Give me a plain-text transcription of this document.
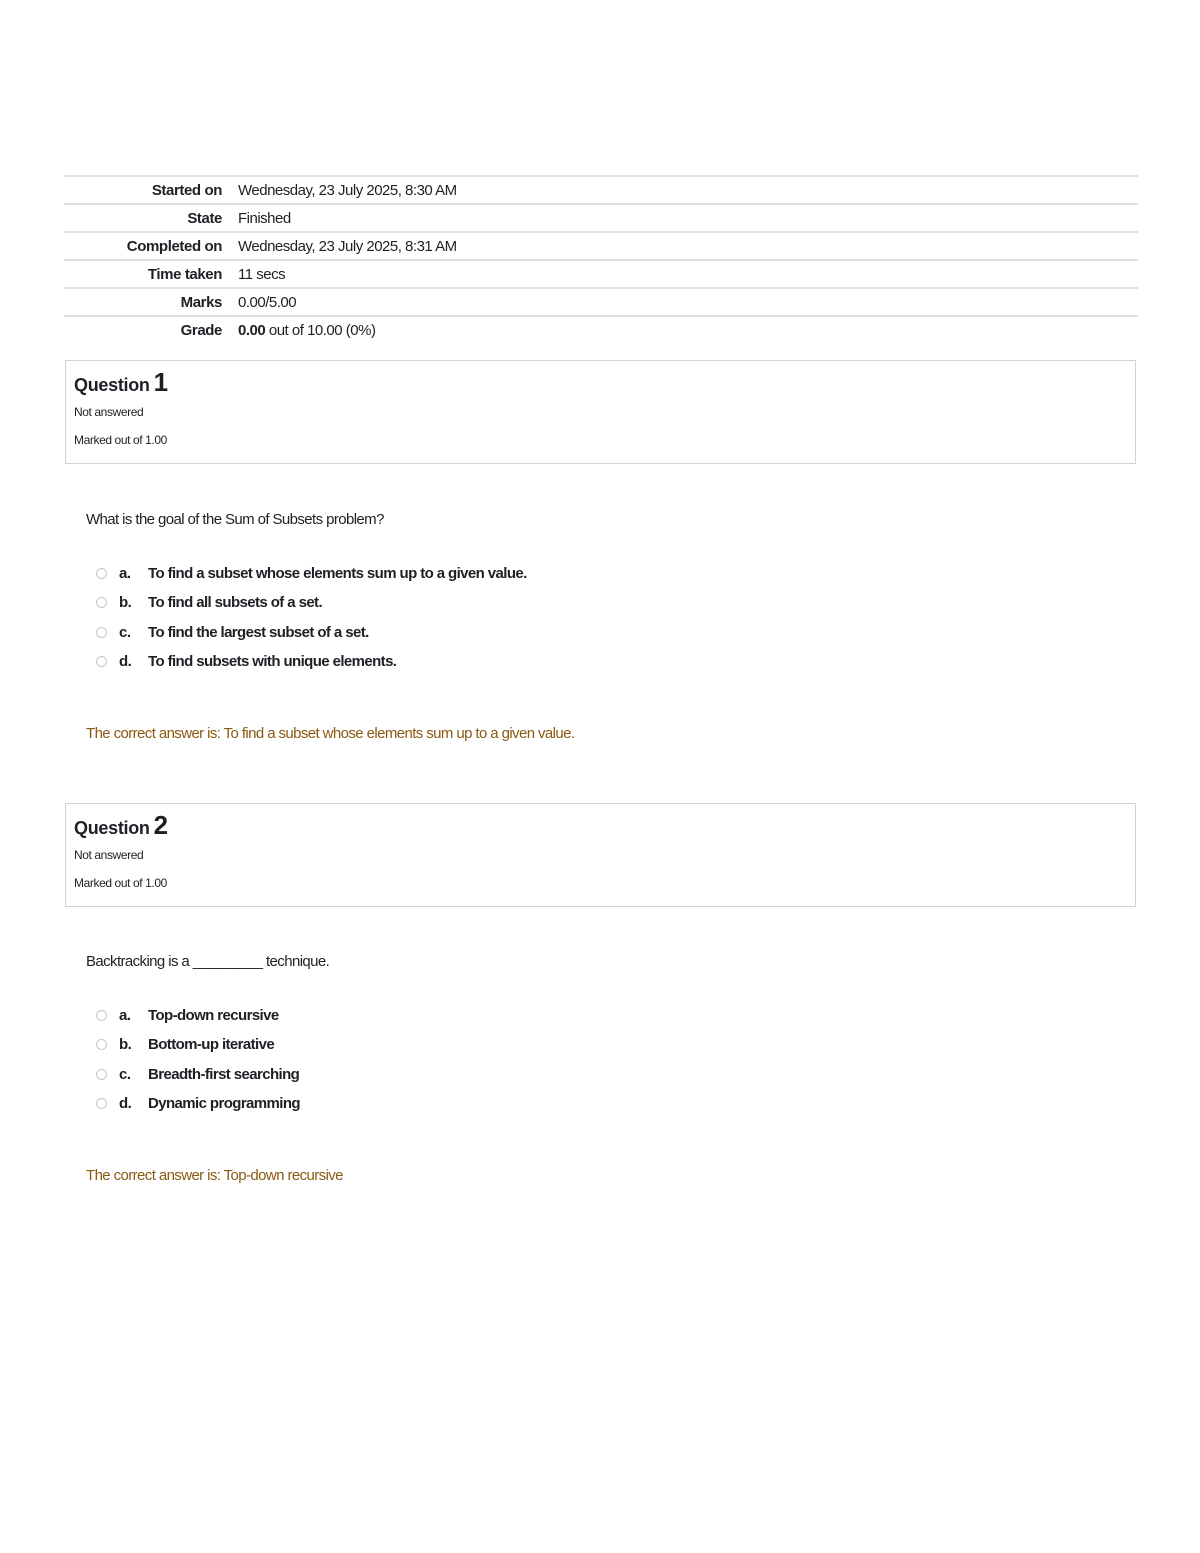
Started on	Wednesday, 23 July 2025, 8:30 AM
State	Finished
Completed on	Wednesday, 23 July 2025, 8:31 AM
Time taken	11 secs
Marks	0.00/5.00
Grade	0.00 out of 10.00 (0%)
Question 1
Not answered
Marked out of 1.00

What is the goal of the Sum of Subsets problem?

a.	To find a subset whose elements sum up to a given value.
b.	To find all subsets of a set.
c.	To find the largest subset of a set.
d.	To find subsets with unique elements.
The correct answer is: To find a subset whose elements sum up to a given value.
Question 2
Not answered
Marked out of 1.00

Backtracking is a _________ technique.

a.	Top-down recursive
b.	Bottom-up iterative
c.	Breadth-first searching
d.	Dynamic programming
The correct answer is: Top-down recursive
